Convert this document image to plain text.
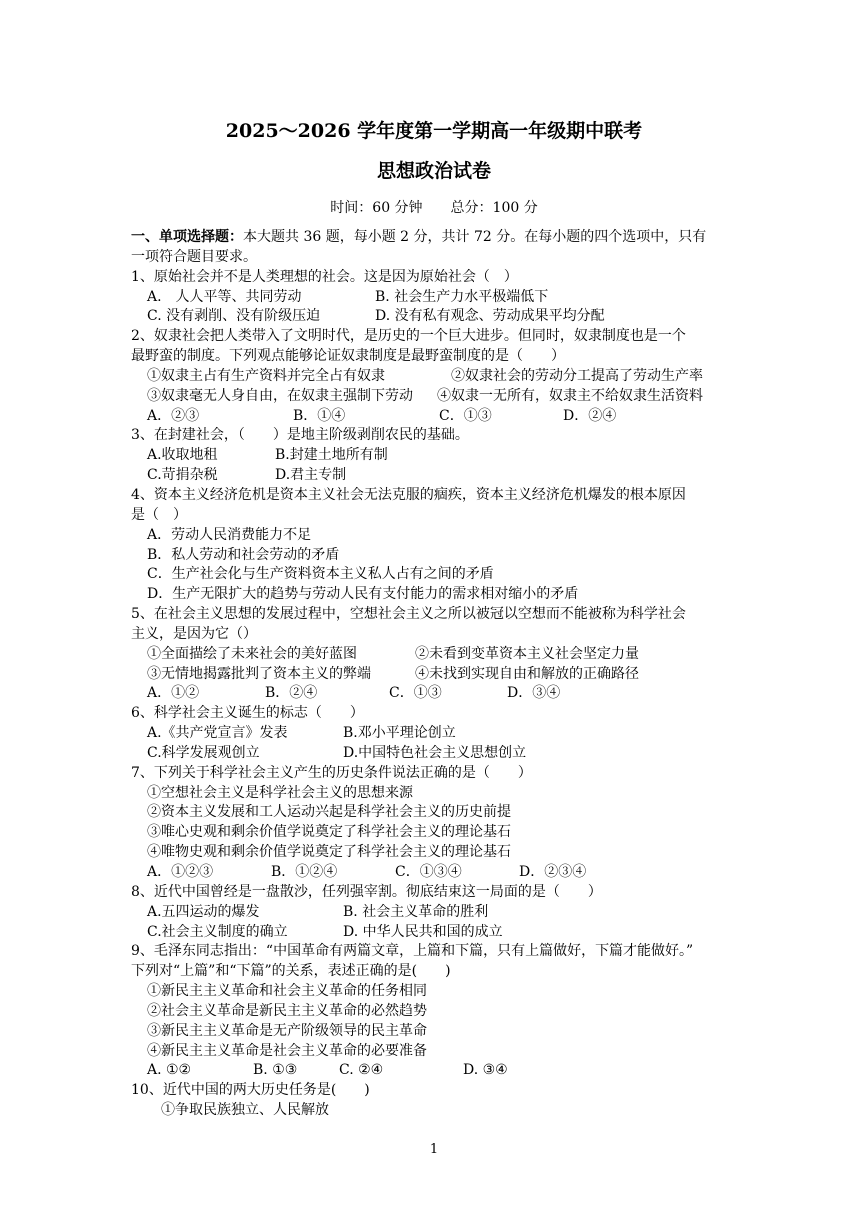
2025～2026 学年度第一学期高一年级期中联考
思想政治试卷
时间：60 分钟　　总分：100 分
一、单项选择题：本大题共 36 题，每小题 2 分，共计 72 分。在每小题的四个选项中，只有
一项符合题目要求。
1、原始社会并不是人类理想的社会。这是因为原始社会（　）
A.　人人平等、共同劳动	B. 社会生产力水平极端低下
C. 没有剥削、没有阶级压迫	D. 没有私有观念、劳动成果平均分配
2、奴隶社会把人类带入了文明时代，是历史的一个巨大进步。但同时，奴隶制度也是一个
最野蛮的制度。下列观点能够论证奴隶制度是最野蛮制度的是（　　）
①奴隶主占有生产资料并完全占有奴隶	②奴隶社会的劳动分工提高了劳动生产率
③奴隶毫无人身自由，在奴隶主强制下劳动	④奴隶一无所有，奴隶主不给奴隶生活资料
A．②③	B．①④	C．①③	D．②④
3、在封建社会，（　　）是地主阶级剥削农民的基础。
A.收取地租	B.封建土地所有制
C.苛捐杂税	D.君主专制
4、资本主义经济危机是资本主义社会无法克服的痼疾，资本主义经济危机爆发的根本原因
是（　）
A．劳动人民消费能力不足
B．私人劳动和社会劳动的矛盾
C．生产社会化与生产资料资本主义私人占有之间的矛盾
D．生产无限扩大的趋势与劳动人民有支付能力的需求相对缩小的矛盾
5、在社会主义思想的发展过程中，空想社会主义之所以被冠以空想而不能被称为科学社会
主义，是因为它（）
①全面描绘了未来社会的美好蓝图	②未看到变革资本主义社会坚定力量
③无情地揭露批判了资本主义的弊端	④未找到实现自由和解放的正确路径
A．①②	B．②④	C．①③	D．③④
6、科学社会主义诞生的标志（　　）
A.《共产党宣言》发表	B.邓小平理论创立
C.科学发展观创立	D.中国特色社会主义思想创立
7、下列关于科学社会主义产生的历史条件说法正确的是（　　）
①空想社会主义是科学社会主义的思想来源
②资本主义发展和工人运动兴起是科学社会主义的历史前提
③唯心史观和剩余价值学说奠定了科学社会主义的理论基石
④唯物史观和剩余价值学说奠定了科学社会主义的理论基石
A．①②③	B．①②④	C．①③④	D．②③④
8、近代中国曾经是一盘散沙，任列强宰割。彻底结束这一局面的是（　　）
A.五四运动的爆发	B. 社会主义革命的胜利
C.社会主义制度的确立	D. 中华人民共和国的成立
9、毛泽东同志指出：“中国革命有两篇文章，上篇和下篇，只有上篇做好，下篇才能做好。”
下列对“上篇”和“下篇”的关系，表述正确的是(　　)
①新民主主义革命和社会主义革命的任务相同
②社会主义革命是新民主主义革命的必然趋势
③新民主主义革命是无产阶级领导的民主革命
④新民主主义革命是社会主义革命的必要准备
A. ①②	B. ①③	C. ②④	D. ③④
10、近代中国的两大历史任务是(　　)
①争取民族独立、人民解放
1
